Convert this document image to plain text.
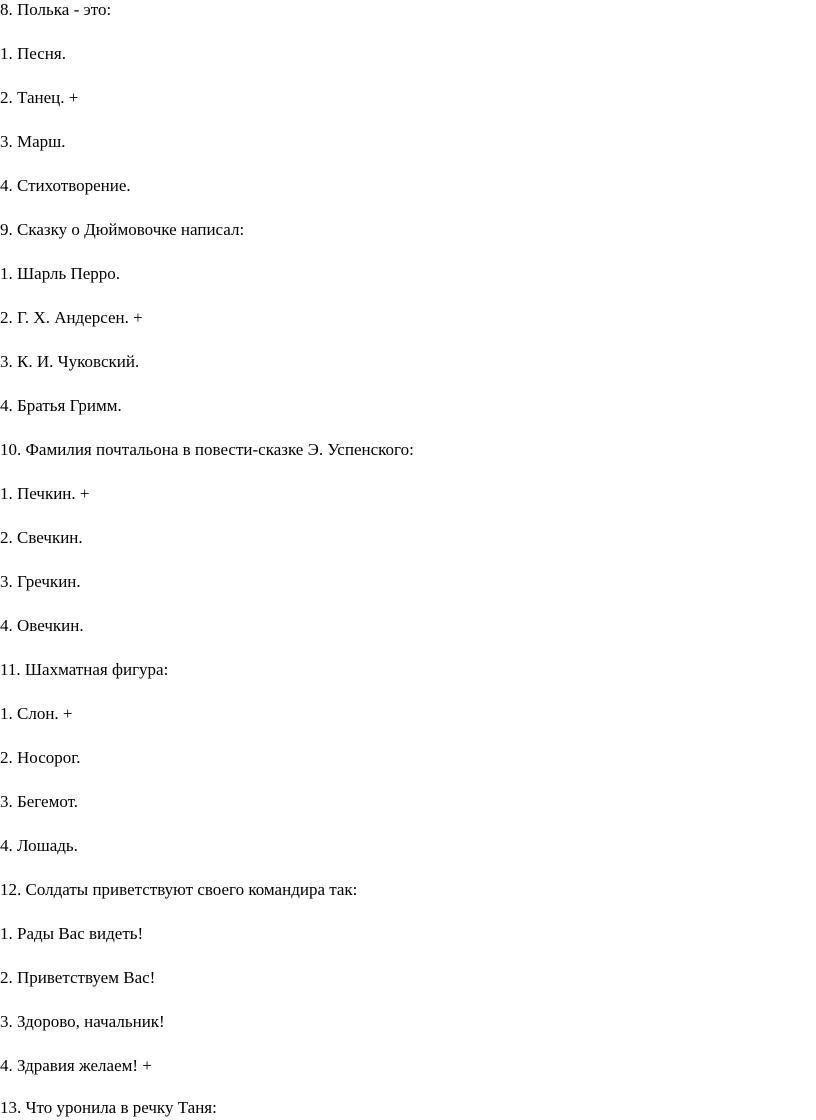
8. Полька - это:

1. Песня.

2. Танец. +

3. Марш.

4. Стихотворение.

9. Сказку о Дюймовочке написал:

1. Шарль Перро.

2. Г. Х. Андерсен. +

3. К. И. Чуковский.

4. Братья Гримм.

10. Фамилия почтальона в повести-сказке Э. Успенского:

1. Печкин. +

2. Свечкин.

3. Гречкин.

4. Овечкин.

11. Шахматная фигура:

1. Слон. +

2. Носорог.

3. Бегемот.

4. Лошадь.

12. Солдаты приветствуют своего командира так:

1. Рады Вас видеть!

2. Приветствуем Вас!

3. Здорово, начальник!

4. Здравия желаем! +

13. Что уронила в речку Таня:
